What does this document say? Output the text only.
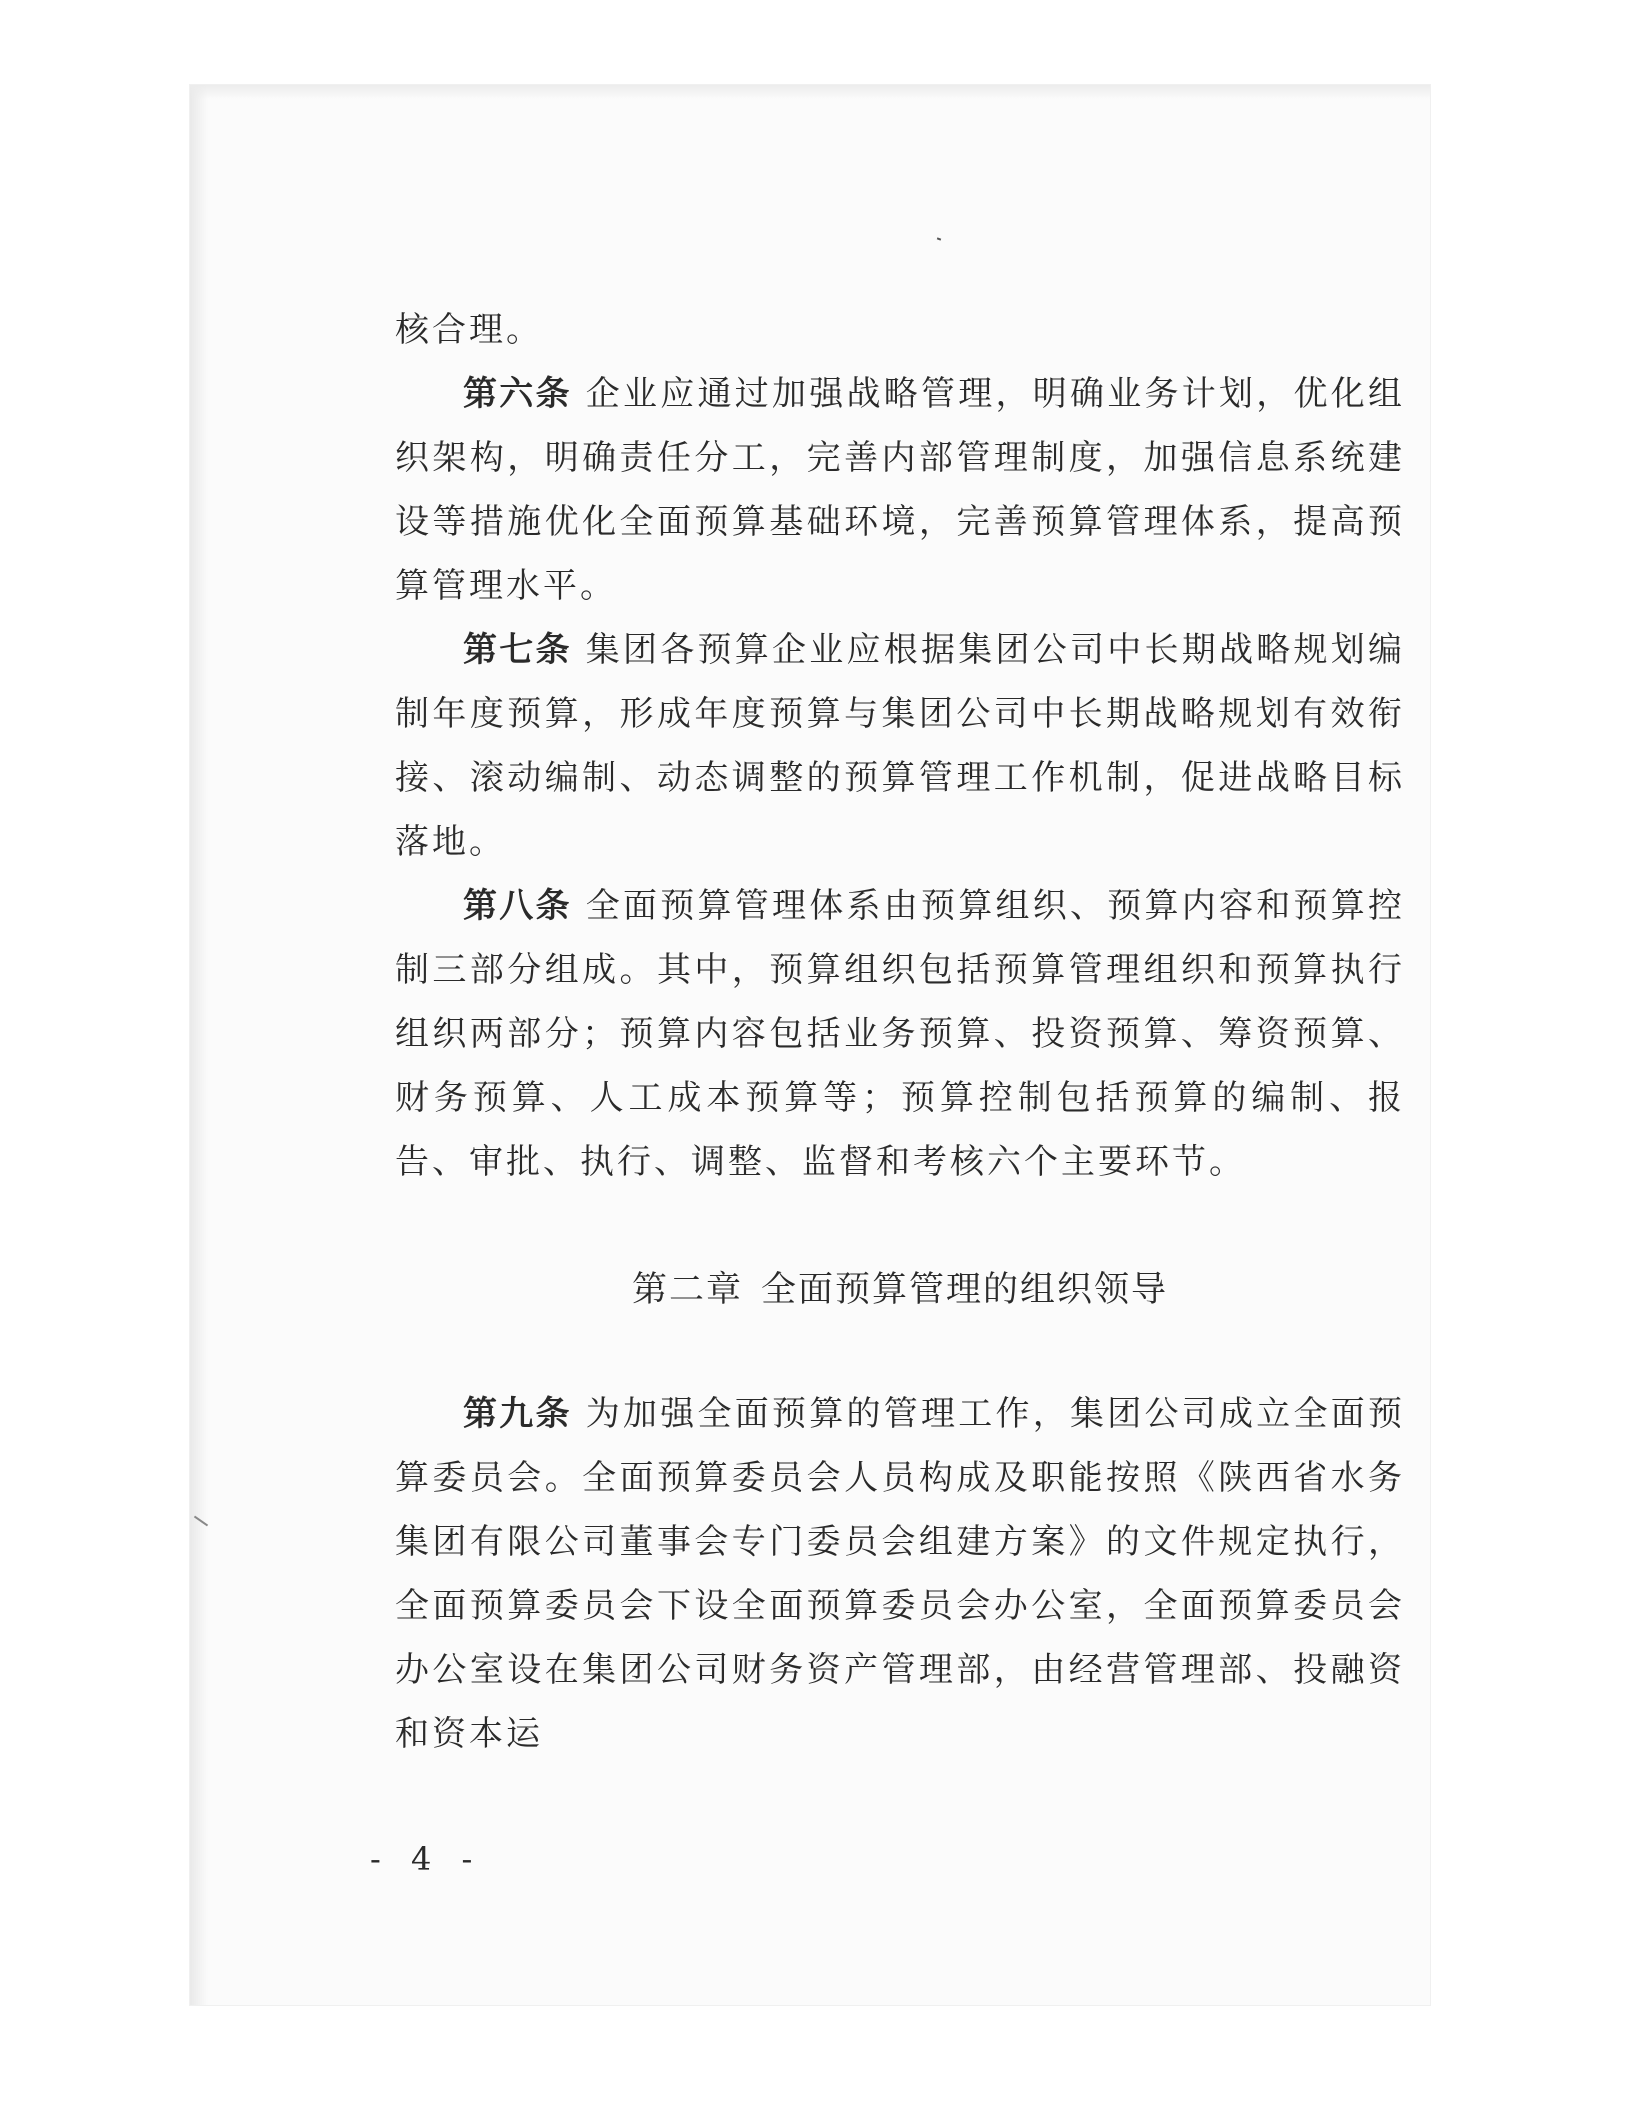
核合理。

第六条 企业应通过加强战略管理，明确业务计划，优化组织架构，明确责任分工，完善内部管理制度，加强信息系统建设等措施优化全面预算基础环境，完善预算管理体系，提高预算管理水平。

第七条 集团各预算企业应根据集团公司中长期战略规划编制年度预算，形成年度预算与集团公司中长期战略规划有效衔接、滚动编制、动态调整的预算管理工作机制，促进战略目标落地。

第八条 全面预算管理体系由预算组织、预算内容和预算控制三部分组成。其中，预算组织包括预算管理组织和预算执行组织两部分；预算内容包括业务预算、投资预算、筹资预算、财务预算、人工成本预算等；预算控制包括预算的编制、报告、审批、执行、调整、监督和考核六个主要环节。

第二章 全面预算管理的组织领导

第九条 为加强全面预算的管理工作，集团公司成立全面预算委员会。全面预算委员会人员构成及职能按照《陕西省水务集团有限公司董事会专门委员会组建方案》的文件规定执行，全面预算委员会下设全面预算委员会办公室，全面预算委员会办公室设在集团公司财务资产管理部，由经营管理部、投融资和资本运

- 4 -
